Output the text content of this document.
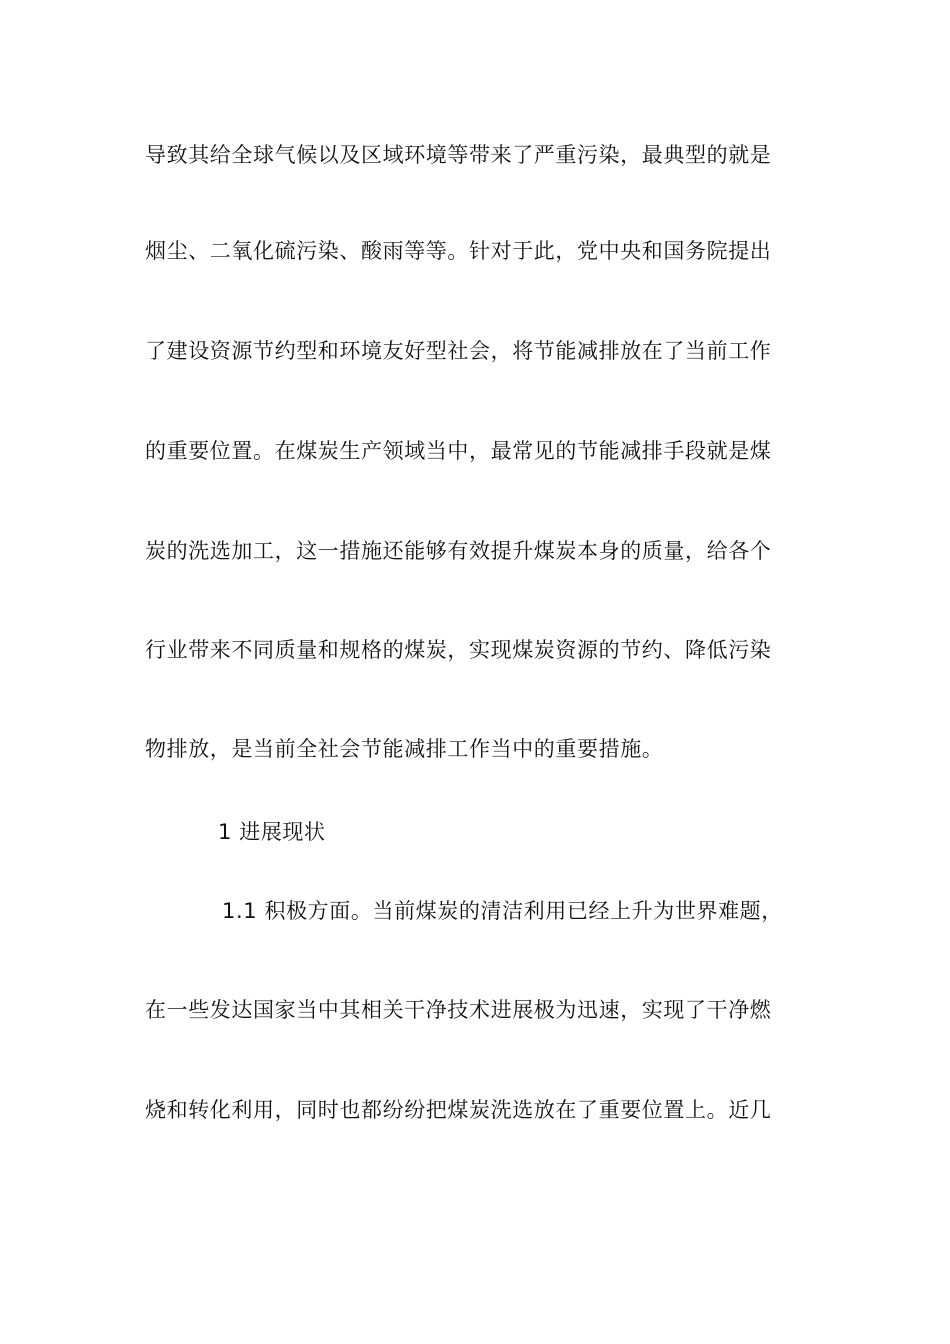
导致其给全球气候以及区域环境等带来了严重污染，最典型的就是
烟尘、二氧化硫污染、酸雨等等。针对于此，党中央和国务院提出
了建设资源节约型和环境友好型社会，将节能减排放在了当前工作
的重要位置。在煤炭生产领域当中，最常见的节能减排手段就是煤
炭的洗选加工，这一措施还能够有效提升煤炭本身的质量，给各个
行业带来不同质量和规格的煤炭，实现煤炭资源的节约、降低污染
物排放，是当前全社会节能减排工作当中的重要措施。
1 进展现状
1.1 积极方面。当前煤炭的清洁利用已经上升为世界难题，
在一些发达国家当中其相关干净技术进展极为迅速，实现了干净燃
烧和转化利用，同时也都纷纷把煤炭洗选放在了重要位置上。近几
